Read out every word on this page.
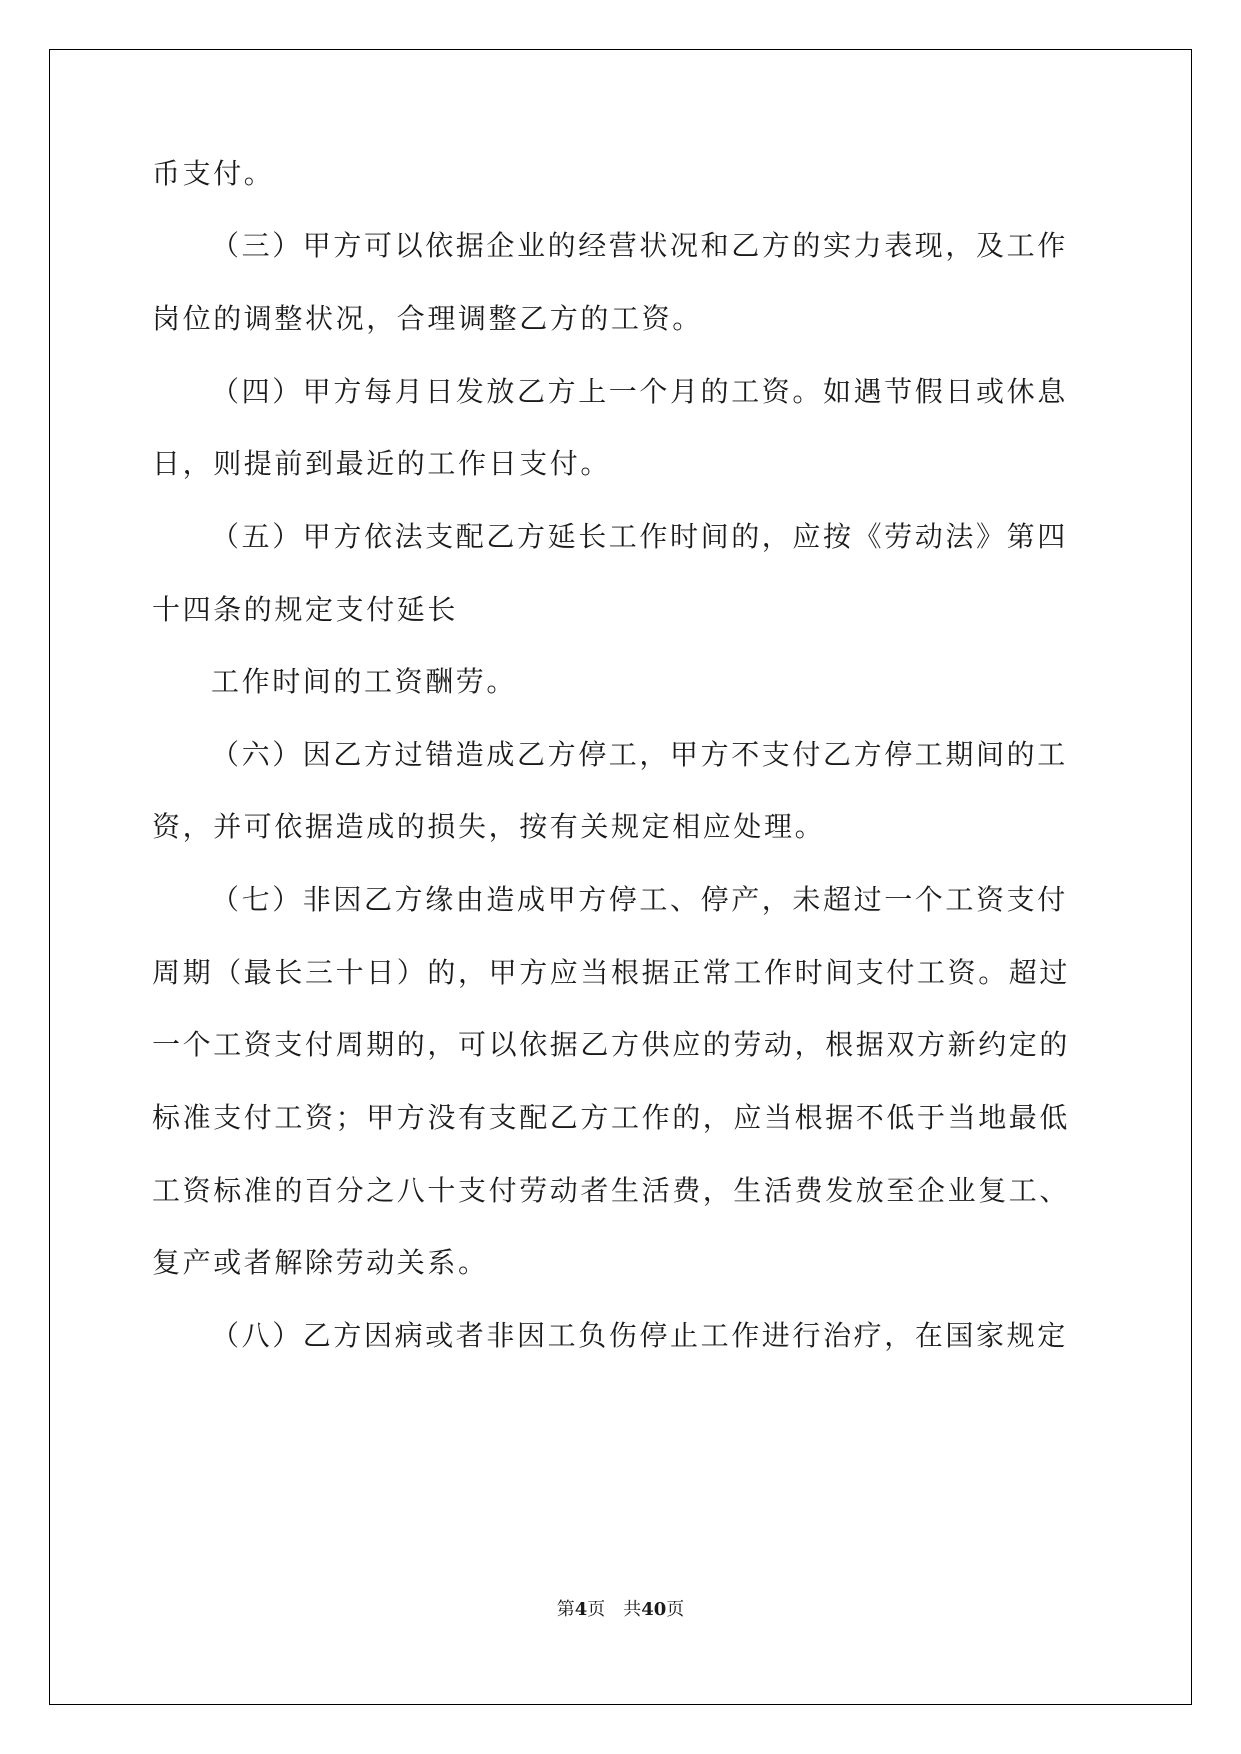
币支付。
（三）甲方可以依据企业的经营状况和乙方的实力表现，及工作
岗位的调整状况，合理调整乙方的工资。
（四）甲方每月日发放乙方上一个月的工资。如遇节假日或休息
日，则提前到最近的工作日支付。
（五）甲方依法支配乙方延长工作时间的，应按《劳动法》第四
十四条的规定支付延长
工作时间的工资酬劳。
（六）因乙方过错造成乙方停工，甲方不支付乙方停工期间的工
资，并可依据造成的损失，按有关规定相应处理。
（七）非因乙方缘由造成甲方停工、停产，未超过一个工资支付
周期（最长三十日）的，甲方应当根据正常工作时间支付工资。超过
一个工资支付周期的，可以依据乙方供应的劳动，根据双方新约定的
标准支付工资；甲方没有支配乙方工作的，应当根据不低于当地最低
工资标准的百分之八十支付劳动者生活费，生活费发放至企业复工、
复产或者解除劳动关系。
（八）乙方因病或者非因工负伤停止工作进行治疗，在国家规定
第4页 共40页
